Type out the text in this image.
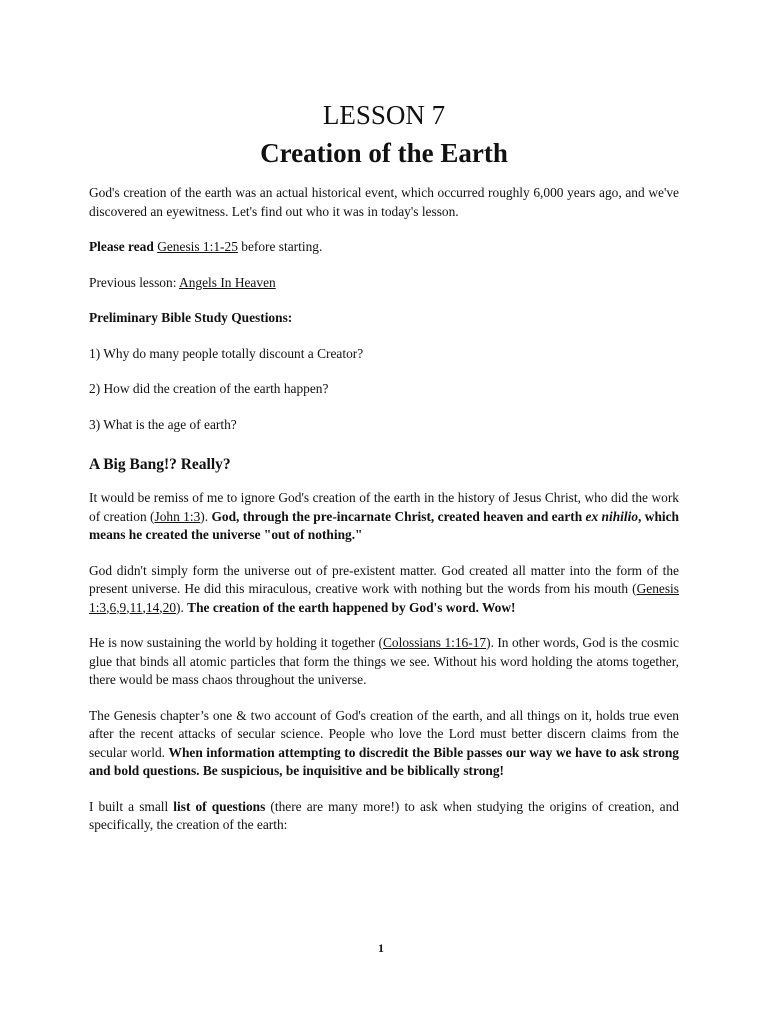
LESSON 7
Creation of the Earth

God's creation of the earth was an actual historical event, which occurred roughly 6,000 years ago, and we've discovered an eyewitness. Let's find out who it was in today's lesson.

Please read Genesis 1:1-25 before starting.

Previous lesson: Angels In Heaven

Preliminary Bible Study Questions:

1) Why do many people totally discount a Creator?

2) How did the creation of the earth happen?

3) What is the age of earth?

A Big Bang!? Really?

It would be remiss of me to ignore God's creation of the earth in the history of Jesus Christ, who did the work of creation (John 1:3). God, through the pre-incarnate Christ, created heaven and earth ex nihilio, which means he created the universe "out of nothing."

God didn't simply form the universe out of pre-existent matter. God created all matter into the form of the present universe. He did this miraculous, creative work with nothing but the words from his mouth (Genesis 1:3,6,9,11,14,20). The creation of the earth happened by God's word. Wow!

He is now sustaining the world by holding it together (Colossians 1:16-17). In other words, God is the cosmic glue that binds all atomic particles that form the things we see. Without his word holding the atoms together, there would be mass chaos throughout the universe.

The Genesis chapter’s one & two account of God's creation of the earth, and all things on it, holds true even after the recent attacks of secular science. People who love the Lord must better discern claims from the secular world. When information attempting to discredit the Bible passes our way we have to ask strong and bold questions. Be suspicious, be inquisitive and be biblically strong!

I built a small list of questions (there are many more!) to ask when studying the origins of creation, and specifically, the creation of the earth:

1
